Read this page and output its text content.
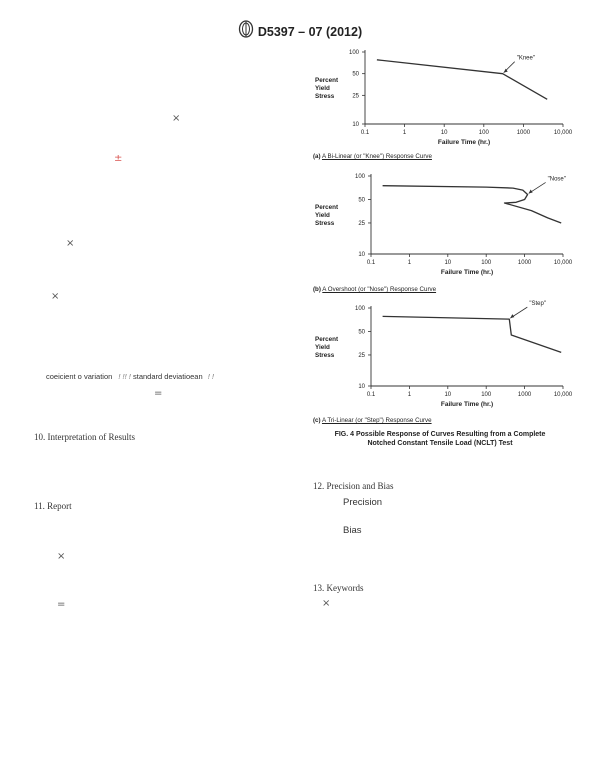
D5397 – 07 (2012)
×
±
×
×
coeicient o variation ! !! ! standard deviatioean ! !
=
10. Interpretation of Results
11. Report
×
=
0.1	1	10	100	1000	10,000
100
50
25
10
Percent
Yield
Stress
Failure Time (hr.)
"Knee"
(a) A Bi-Linear (or "Knee") Response Curve
0.1	1	10	100	1000	10,000
100
50
25
10
Percent
Yield
Stress
Failure Time (hr.)
"Nose"
(b) A Overshoot (or "Nose") Response Curve
0.1	1	10	100	1000	10,000
100
50
25
10
Percent
Yield
Stress
Failure Time (hr.)
"Step"
(c) A Tri-Linear (or "Step") Response Curve
FIG. 4 Possible Response of Curves Resulting from a Complete
Notched Constant Tensile Load (NCLT) Test
12. Precision and Bias
Precision
Bias
13. Keywords
×
